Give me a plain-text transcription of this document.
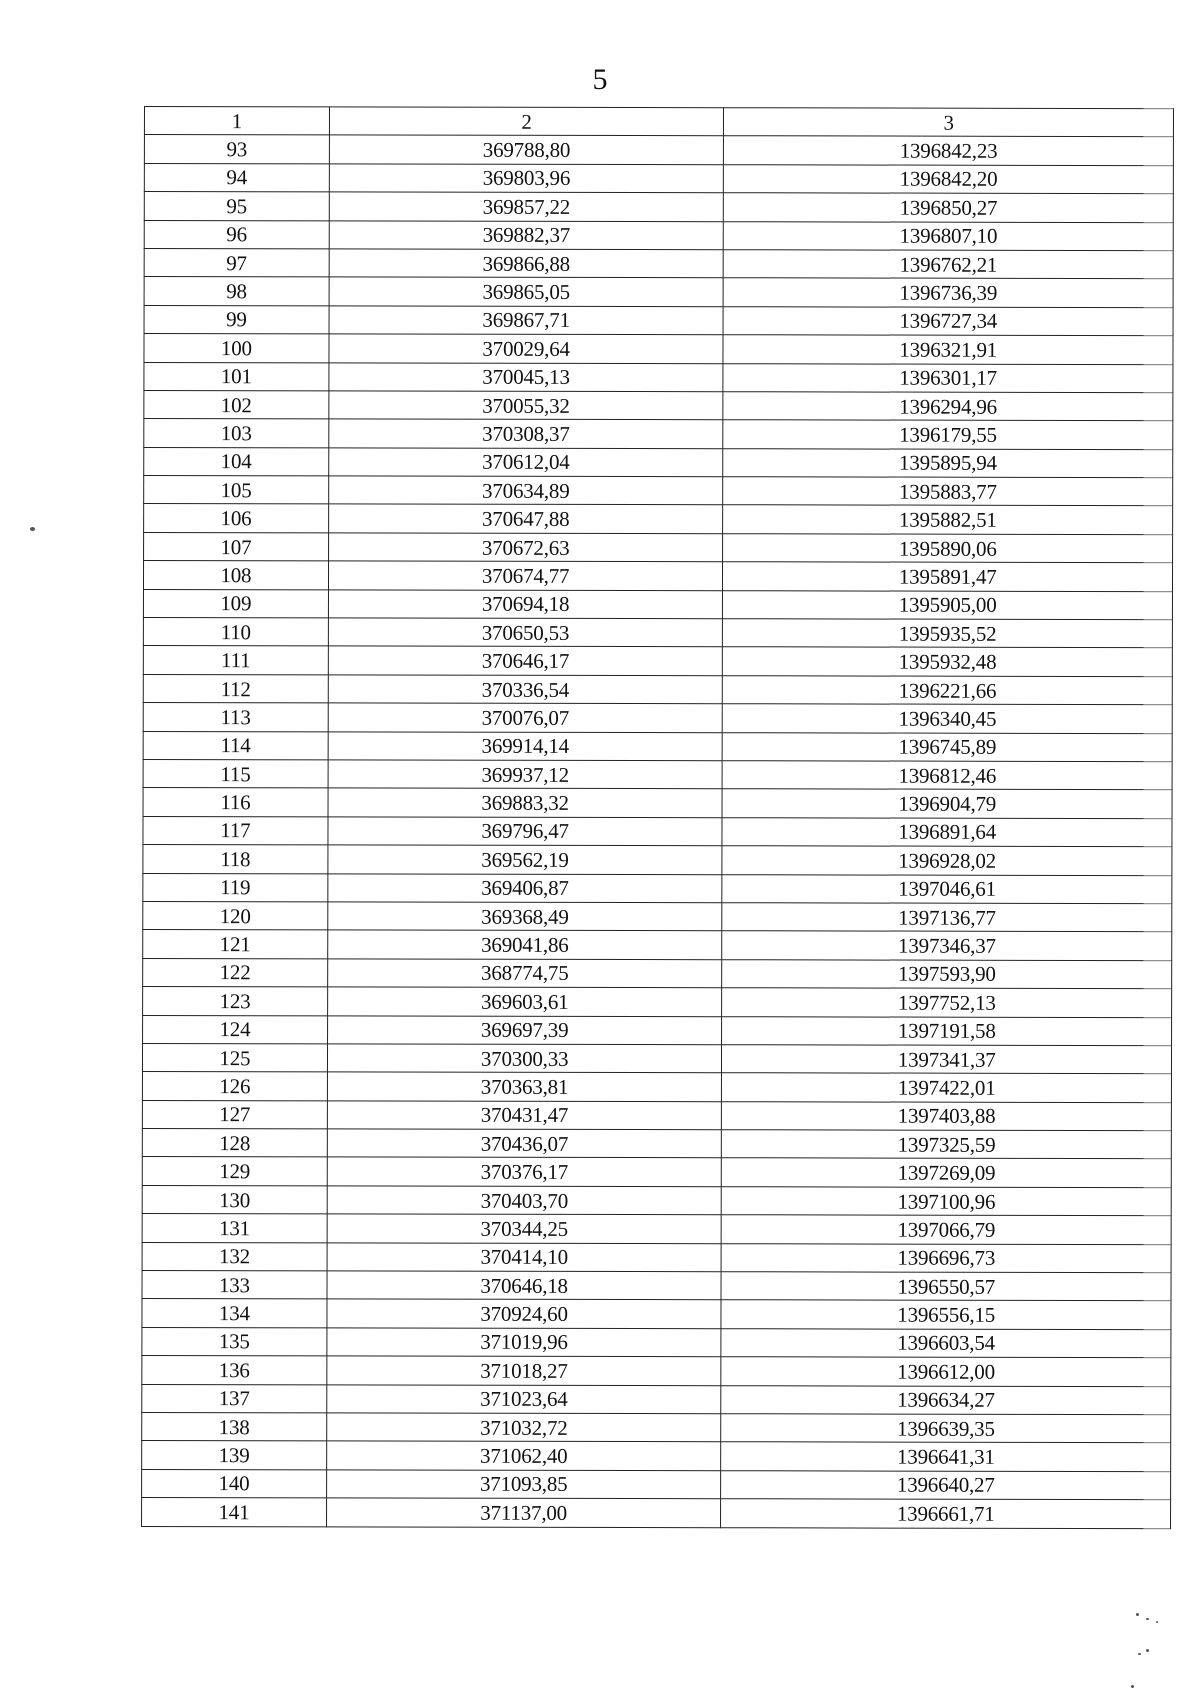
5
1	2	3
93	369788,80	1396842,23
94	369803,96	1396842,20
95	369857,22	1396850,27
96	369882,37	1396807,10
97	369866,88	1396762,21
98	369865,05	1396736,39
99	369867,71	1396727,34
100	370029,64	1396321,91
101	370045,13	1396301,17
102	370055,32	1396294,96
103	370308,37	1396179,55
104	370612,04	1395895,94
105	370634,89	1395883,77
106	370647,88	1395882,51
107	370672,63	1395890,06
108	370674,77	1395891,47
109	370694,18	1395905,00
110	370650,53	1395935,52
111	370646,17	1395932,48
112	370336,54	1396221,66
113	370076,07	1396340,45
114	369914,14	1396745,89
115	369937,12	1396812,46
116	369883,32	1396904,79
117	369796,47	1396891,64
118	369562,19	1396928,02
119	369406,87	1397046,61
120	369368,49	1397136,77
121	369041,86	1397346,37
122	368774,75	1397593,90
123	369603,61	1397752,13
124	369697,39	1397191,58
125	370300,33	1397341,37
126	370363,81	1397422,01
127	370431,47	1397403,88
128	370436,07	1397325,59
129	370376,17	1397269,09
130	370403,70	1397100,96
131	370344,25	1397066,79
132	370414,10	1396696,73
133	370646,18	1396550,57
134	370924,60	1396556,15
135	371019,96	1396603,54
136	371018,27	1396612,00
137	371023,64	1396634,27
138	371032,72	1396639,35
139	371062,40	1396641,31
140	371093,85	1396640,27
141	371137,00	1396661,71
